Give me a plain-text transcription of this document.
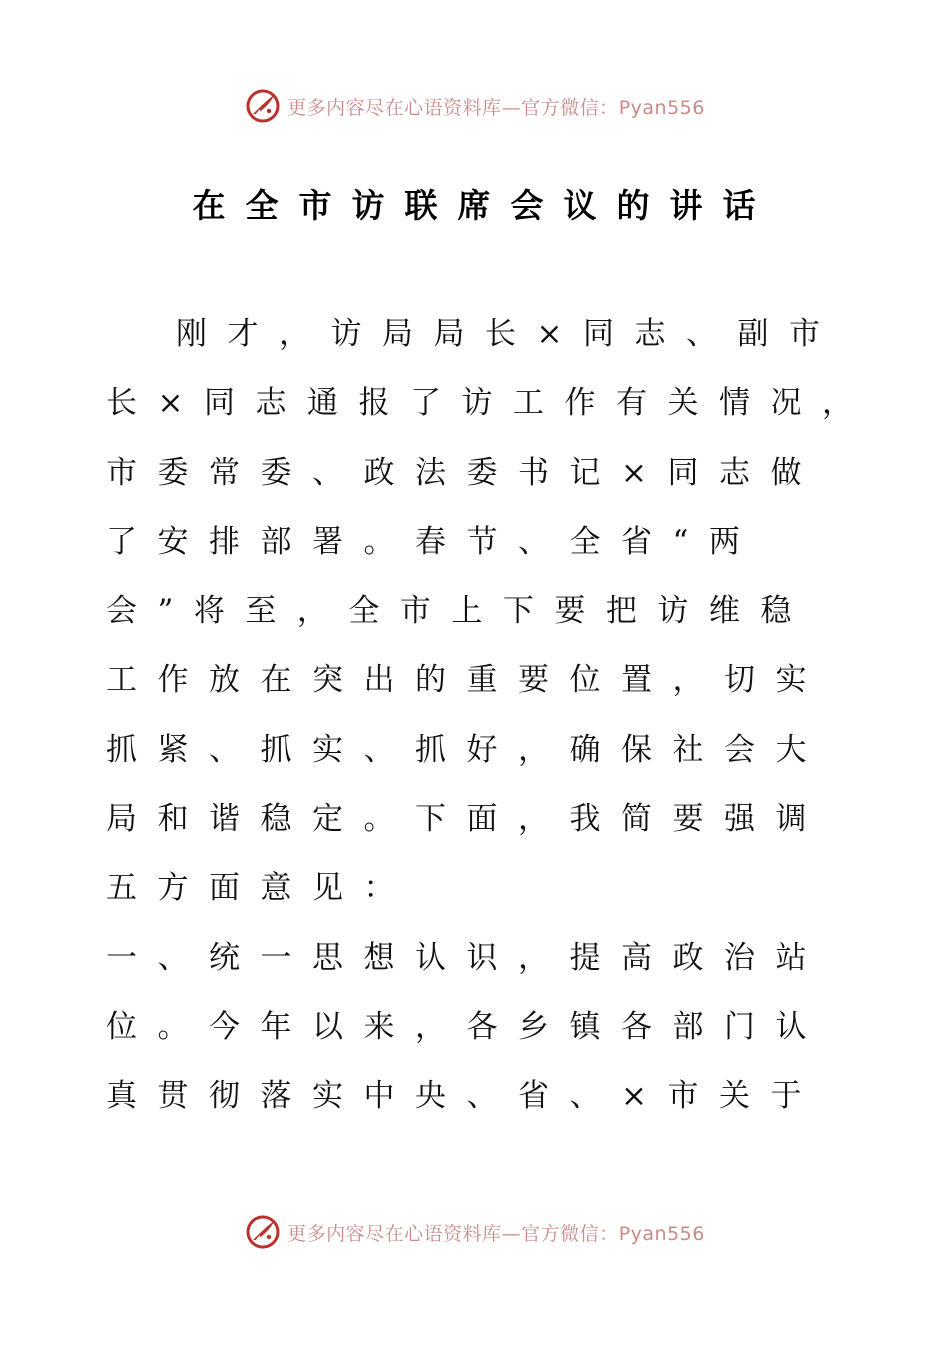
更多内容尽在心语资料库—官方微信：Pyan556
在全市访联席会议的讲话
刚才，访局局长×同志、副市
长×同志通报了访工作有关情况，
市委常委、政法委书记×同志做
了安排部署。春节、全省“两
会”将至，全市上下要把访维稳
工作放在突出的重要位置，切实
抓紧、抓实、抓好，确保社会大
局和谐稳定。下面，我简要强调
五方面意见：
一、统一思想认识，提高政治站
位。今年以来，各乡镇各部门认
真贯彻落实中央、省、×市关于
更多内容尽在心语资料库—官方微信：Pyan556
